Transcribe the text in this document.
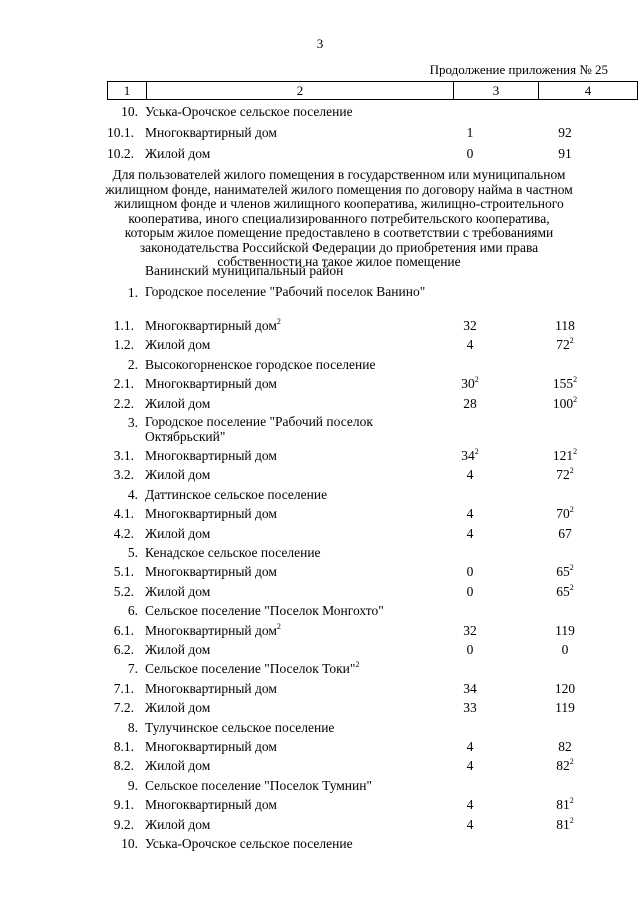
3
Продолжение приложения № 25
1	2	3	4
10. Уська-Орочское сельское поселение
10.1. Многоквартирный дом	1	92
10.2. Жилой дом	0	91
Для пользователей жилого помещения в государственном или муниципальном жилищном фонде, нанимателей жилого помещения по договору найма в частном жилищном фонде и членов жилищного кооператива, жилищно-строительного кооператива, иного специализированного потребительского кооператива, которым жилое помещение предоставлено в соответствии с требованиями законодательства Российской Федерации до приобретения ими права собственности на такое жилое помещение
Ванинский муниципальный район
1. Городское поселение "Рабочий поселок Ванино"
1.1. Многоквартирный дом$^2$	32	118
1.2. Жилой дом	4	$72^2$
2. Высокогорненское городское поселение
2.1. Многоквартирный дом	$30^2$	$155^2$
2.2. Жилой дом	28	$100^2$
3. Городское поселение "Рабочий поселок Октябрьский"
3.1. Многоквартирный дом	$34^2$	$121^2$
3.2. Жилой дом	4	$72^2$
4. Даттинское сельское поселение
4.1. Многоквартирный дом	4	$70^2$
4.2. Жилой дом	4	67
5. Кенадское сельское поселение
5.1. Многоквартирный дом	0	$65^2$
5.2. Жилой дом	0	$65^2$
6. Сельское поселение "Поселок Монгохто"
6.1. Многоквартирный дом$^2$	32	119
6.2. Жилой дом	0	0
7. Сельское поселение "Поселок Токи"$^2$
7.1. Многоквартирный дом	34	120
7.2. Жилой дом	33	119
8. Тулучинское сельское поселение
8.1. Многоквартирный дом	4	82
8.2. Жилой дом	4	$82^2$
9. Сельское поселение "Поселок Тумнин"
9.1. Многоквартирный дом	4	$81^2$
9.2. Жилой дом	4	$81^2$
10. Уська-Орочское сельское поселение
